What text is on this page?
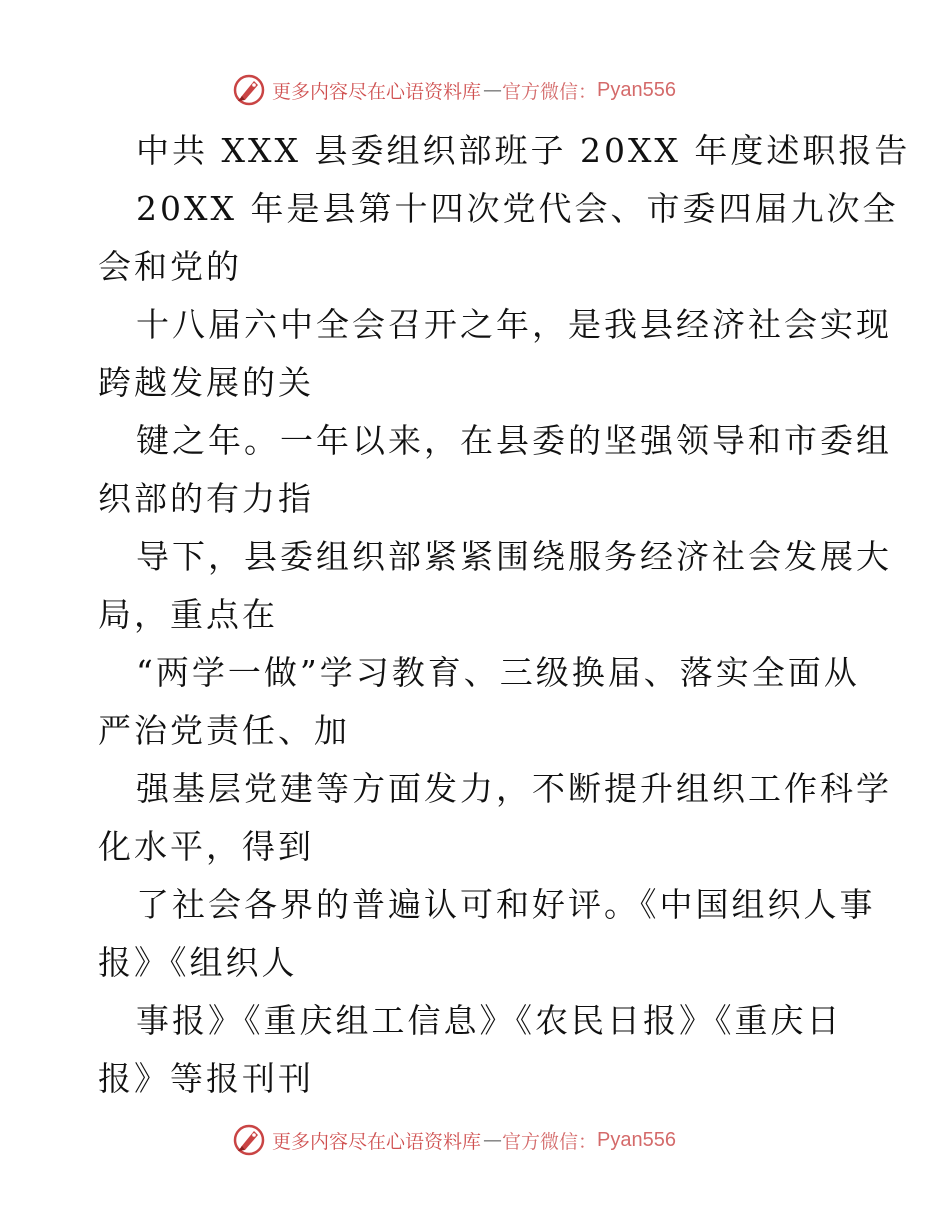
更多内容尽在心语资料库 — 官方微信： Pyan556
中共 XXX 县委组织部班子 20XX 年度述职报告
20XX 年是县第十四次党代会、市委四届九次全
会和党的
十八届六中全会召开之年，是我县经济社会实现
跨越发展的关
键之年。一年以来，在县委的坚强领导和市委组
织部的有力指
导下，县委组织部紧紧围绕服务经济社会发展大
局，重点在
“两学一做”学习教育、三级换届、落实全面从
严治党责任、加
强基层党建等方面发力，不断提升组织工作科学
化水平，得到
了社会各界的普遍认可和好评。《中国组织人事
报》《组织人
事报》《重庆组工信息》《农民日报》《重庆日
报》等报刊刊
更多内容尽在心语资料库 — 官方微信： Pyan556
